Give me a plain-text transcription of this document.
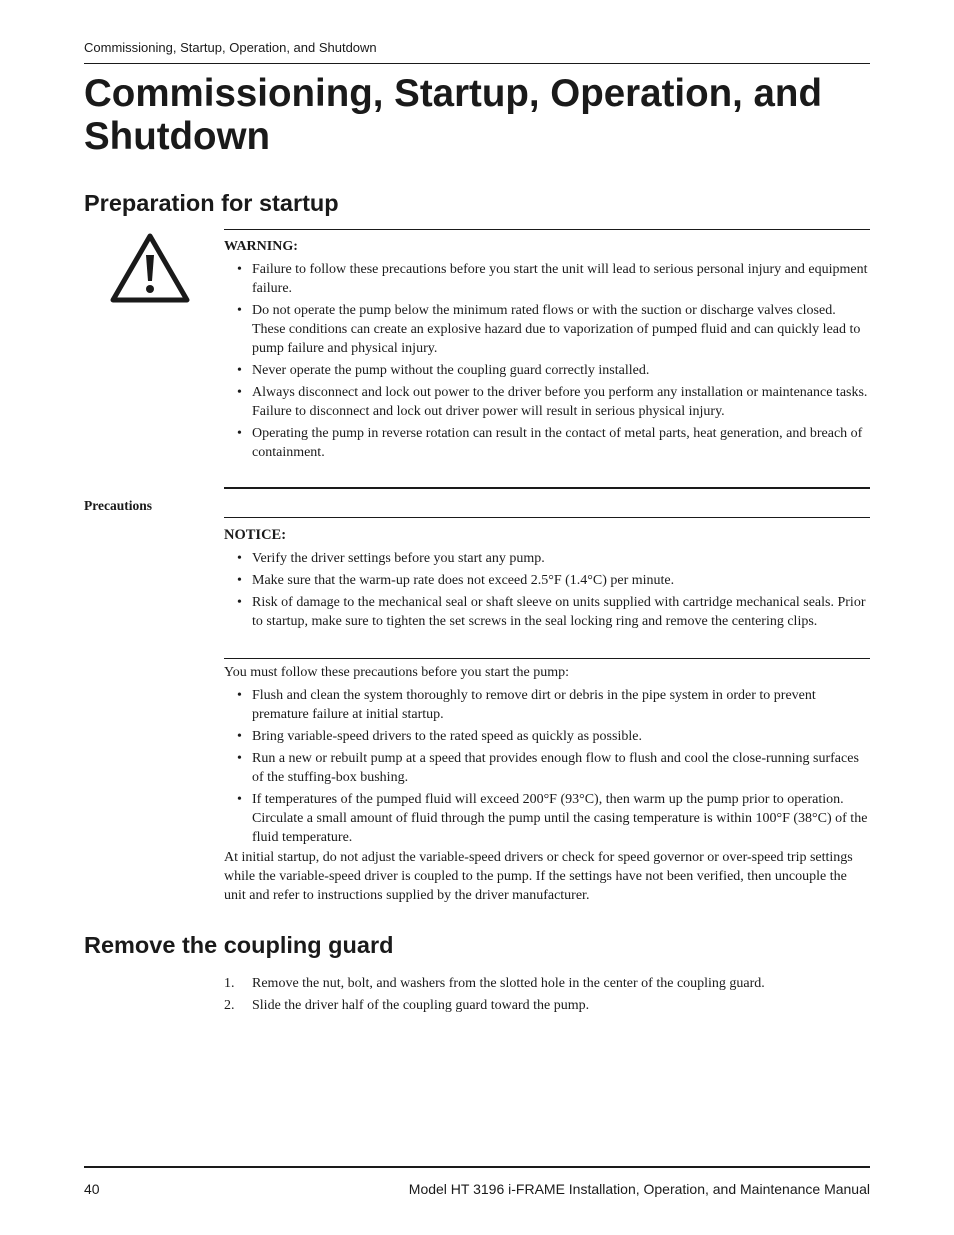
Commissioning, Startup, Operation, and Shutdown
Commissioning, Startup, Operation, and Shutdown
Preparation for startup
WARNING:
• Failure to follow these precautions before you start the unit will lead to serious personal injury and equipment failure.
• Do not operate the pump below the minimum rated flows or with the suction or discharge valves closed. These conditions can create an explosive hazard due to vaporization of pumped fluid and can quickly lead to pump failure and physical injury.
• Never operate the pump without the coupling guard correctly installed.
• Always disconnect and lock out power to the driver before you perform any installation or maintenance tasks. Failure to disconnect and lock out driver power will result in serious physical injury.
• Operating the pump in reverse rotation can result in the contact of metal parts, heat generation, and breach of containment.
Precautions
NOTICE:
• Verify the driver settings before you start any pump.
• Make sure that the warm-up rate does not exceed 2.5°F (1.4°C) per minute.
• Risk of damage to the mechanical seal or shaft sleeve on units supplied with cartridge mechanical seals. Prior to startup, make sure to tighten the set screws in the seal locking ring and remove the centering clips.
You must follow these precautions before you start the pump:
• Flush and clean the system thoroughly to remove dirt or debris in the pipe system in order to prevent premature failure at initial startup.
• Bring variable-speed drivers to the rated speed as quickly as possible.
• Run a new or rebuilt pump at a speed that provides enough flow to flush and cool the close-running surfaces of the stuffing-box bushing.
• If temperatures of the pumped fluid will exceed 200°F (93°C), then warm up the pump prior to operation. Circulate a small amount of fluid through the pump until the casing temperature is within 100°F (38°C) of the fluid temperature.
At initial startup, do not adjust the variable-speed drivers or check for speed governor or over-speed trip settings while the variable-speed driver is coupled to the pump. If the settings have not been verified, then uncouple the unit and refer to instructions supplied by the driver manufacturer.
Remove the coupling guard
1. Remove the nut, bolt, and washers from the slotted hole in the center of the coupling guard.
2. Slide the driver half of the coupling guard toward the pump.
40	Model HT 3196 i-FRAME Installation, Operation, and Maintenance Manual
